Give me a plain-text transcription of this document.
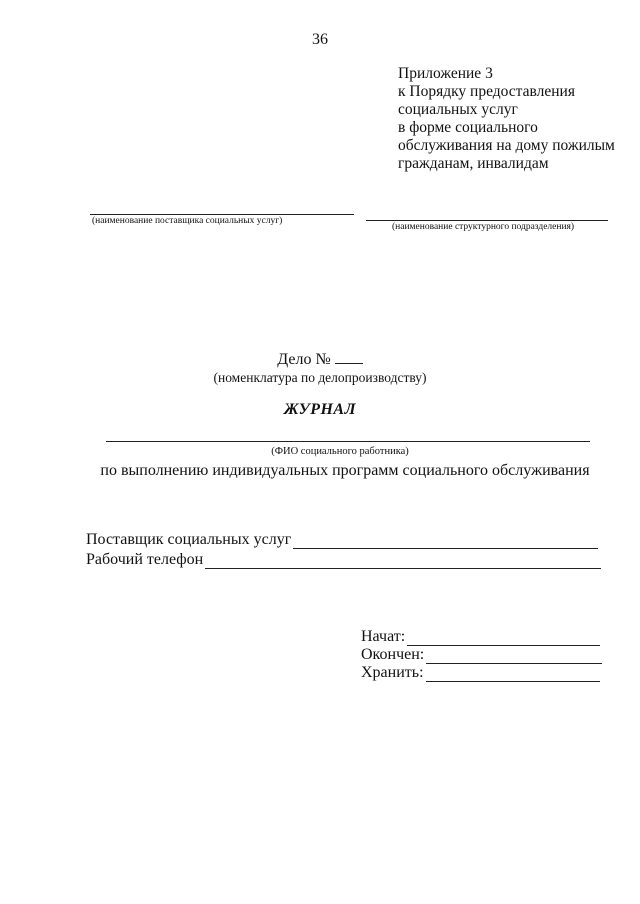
36
Приложение 3
к Порядку предоставления
социальных услуг
в форме социального
обслуживания на дому пожилым
гражданам, инвалидам
(наименование поставщика социальных услуг)
(наименование структурного подразделения)
Дело №
(номенклатура по делопроизводству)
ЖУРНАЛ
(ФИО социального работника)
по выполнению индивидуальных программ социального обслуживания
Поставщик социальных услуг
Рабочий телефон
Начат:
Окончен:
Хранить:
